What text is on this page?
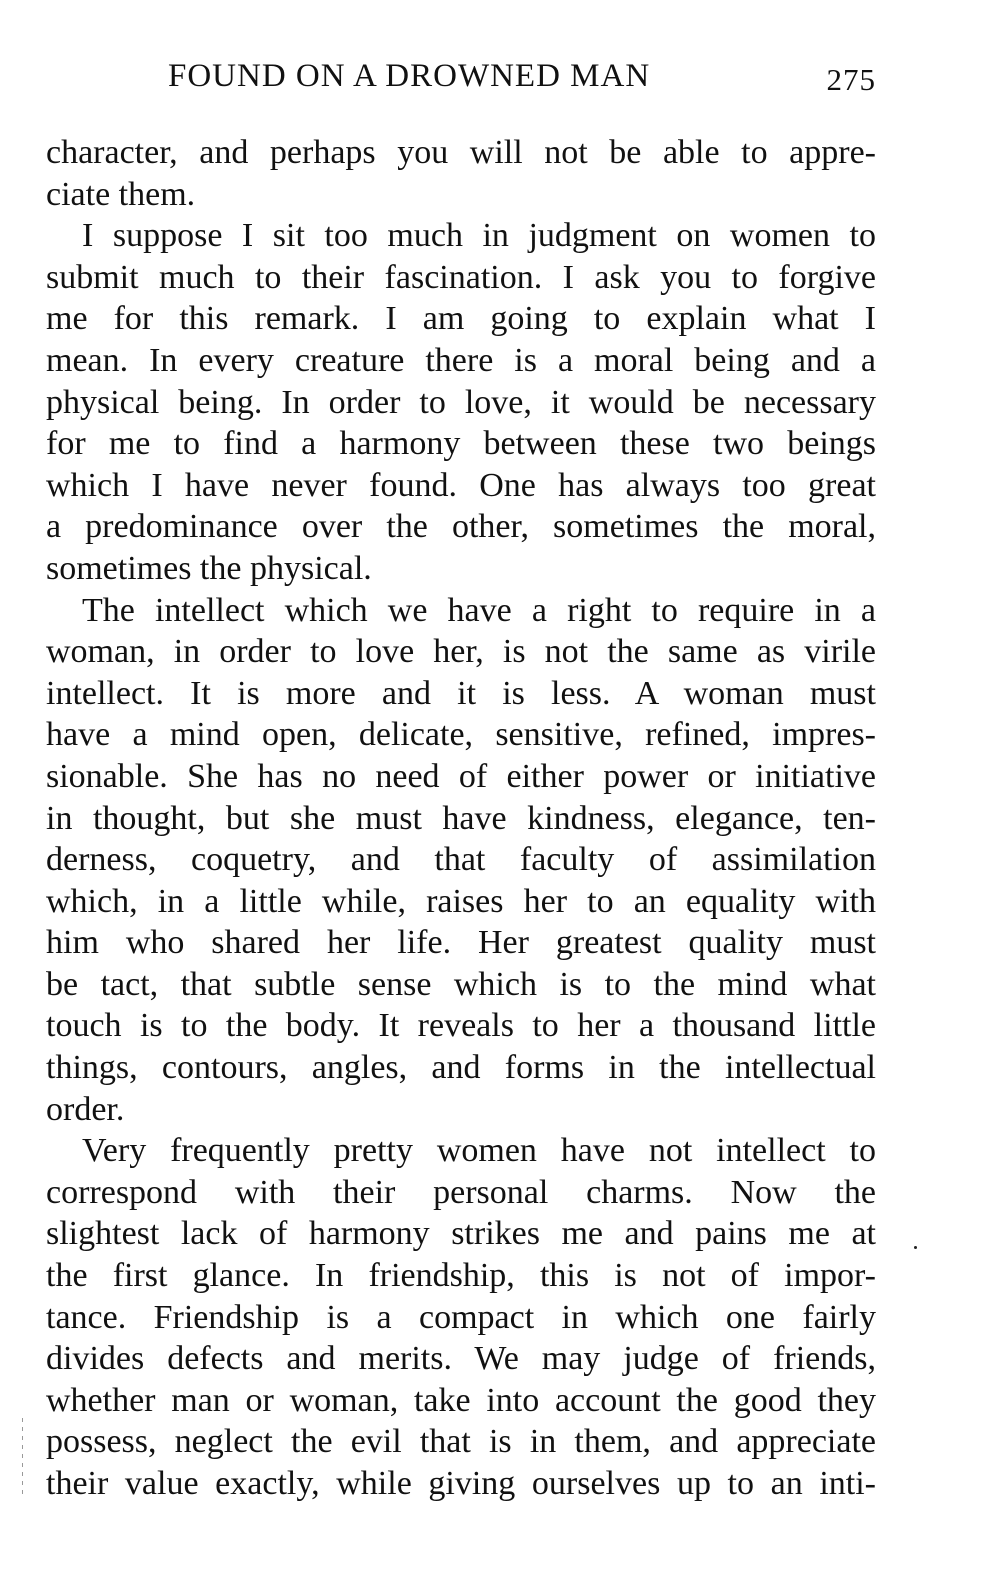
FOUND ON A DROWNED MAN	275
character, and perhaps you will not be able to appre-
ciate them.
I suppose I sit too much in judgment on women to
submit much to their fascination. I ask you to forgive
me for this remark. I am going to explain what I
mean. In every creature there is a moral being and a
physical being. In order to love, it would be necessary
for me to find a harmony between these two beings
which I have never found. One has always too great
a predominance over the other, sometimes the moral,
sometimes the physical.
The intellect which we have a right to require in a
woman, in order to love her, is not the same as virile
intellect. It is more and it is less. A woman must
have a mind open, delicate, sensitive, refined, impres-
sionable. She has no need of either power or initiative
in thought, but she must have kindness, elegance, ten-
derness, coquetry, and that faculty of assimilation
which, in a little while, raises her to an equality with
him who shared her life. Her greatest quality must
be tact, that subtle sense which is to the mind what
touch is to the body. It reveals to her a thousand little
things, contours, angles, and forms in the intellectual
order.
Very frequently pretty women have not intellect to
correspond with their personal charms. Now the
slightest lack of harmony strikes me and pains me at
the first glance. In friendship, this is not of impor-
tance. Friendship is a compact in which one fairly
divides defects and merits. We may judge of friends,
whether man or woman, take into account the good they
possess, neglect the evil that is in them, and appreciate
their value exactly, while giving ourselves up to an inti-
